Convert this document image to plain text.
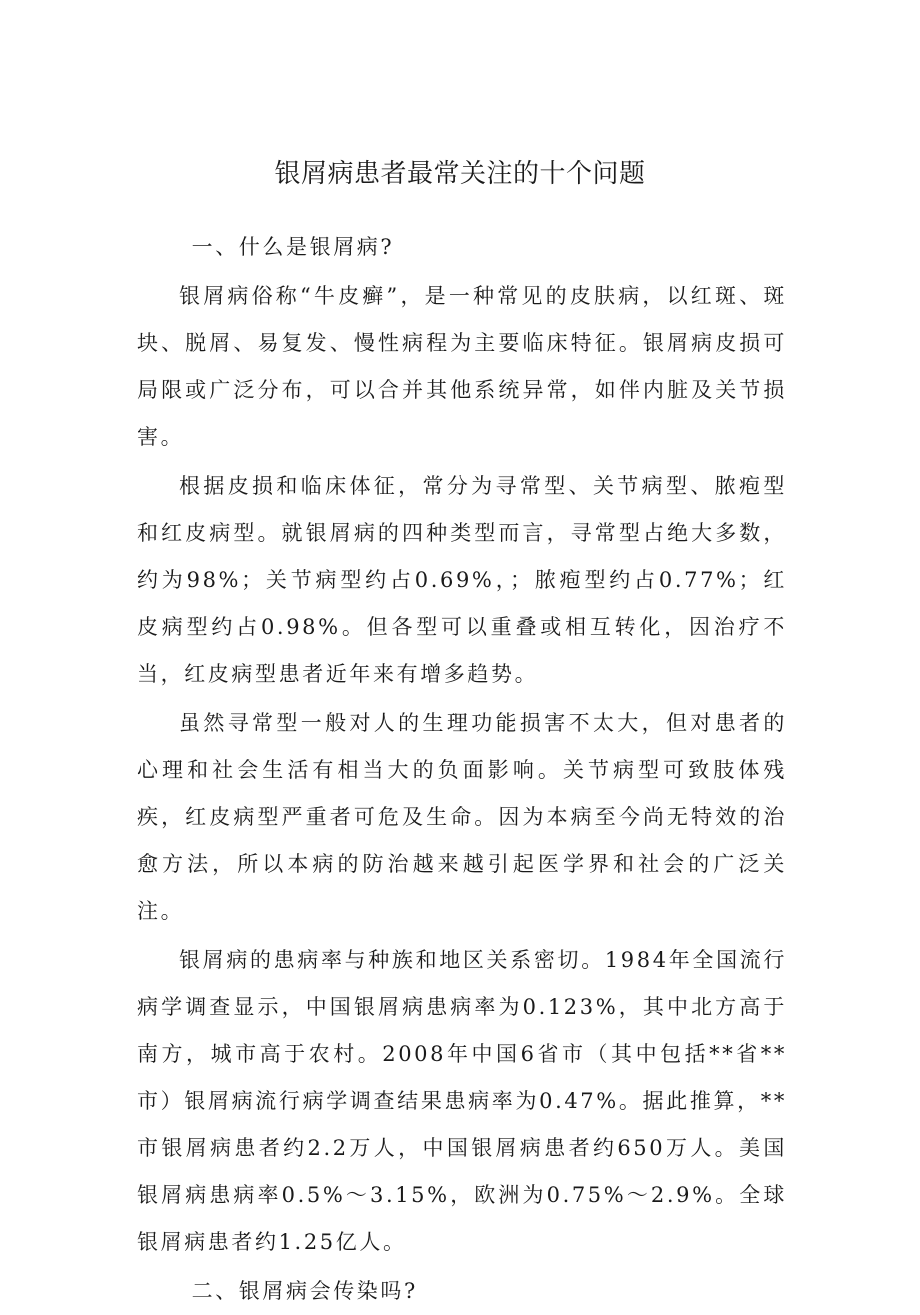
银屑病患者最常关注的十个问题

一、什么是银屑病?

银屑病俗称“牛皮癣”，是一种常见的皮肤病，以红斑、斑块、脱屑、易复发、慢性病程为主要临床特征。银屑病皮损可局限或广泛分布，可以合并其他系统异常，如伴内脏及关节损害。

根据皮损和临床体征，常分为寻常型、关节病型、脓疱型和红皮病型。就银屑病的四种类型而言，寻常型占绝大多数，约为98%；关节病型约占0.69%，；脓疱型约占0.77%；红皮病型约占0.98%。但各型可以重叠或相互转化，因治疗不当，红皮病型患者近年来有增多趋势。

虽然寻常型一般对人的生理功能损害不太大，但对患者的心理和社会生活有相当大的负面影响。关节病型可致肢体残疾，红皮病型严重者可危及生命。因为本病至今尚无特效的治愈方法，所以本病的防治越来越引起医学界和社会的广泛关注。

银屑病的患病率与种族和地区关系密切。1984年全国流行病学调查显示，中国银屑病患病率为0.123%，其中北方高于南方，城市高于农村。2008年中国6省市（其中包括**省**市）银屑病流行病学调查结果患病率为0.47%。据此推算，**市银屑病患者约2.2万人，中国银屑病患者约650万人。美国银屑病患病率0.5%～3.15%，欧洲为0.75%～2.9%。全球银屑病患者约1.25亿人。

二、银屑病会传染吗?
